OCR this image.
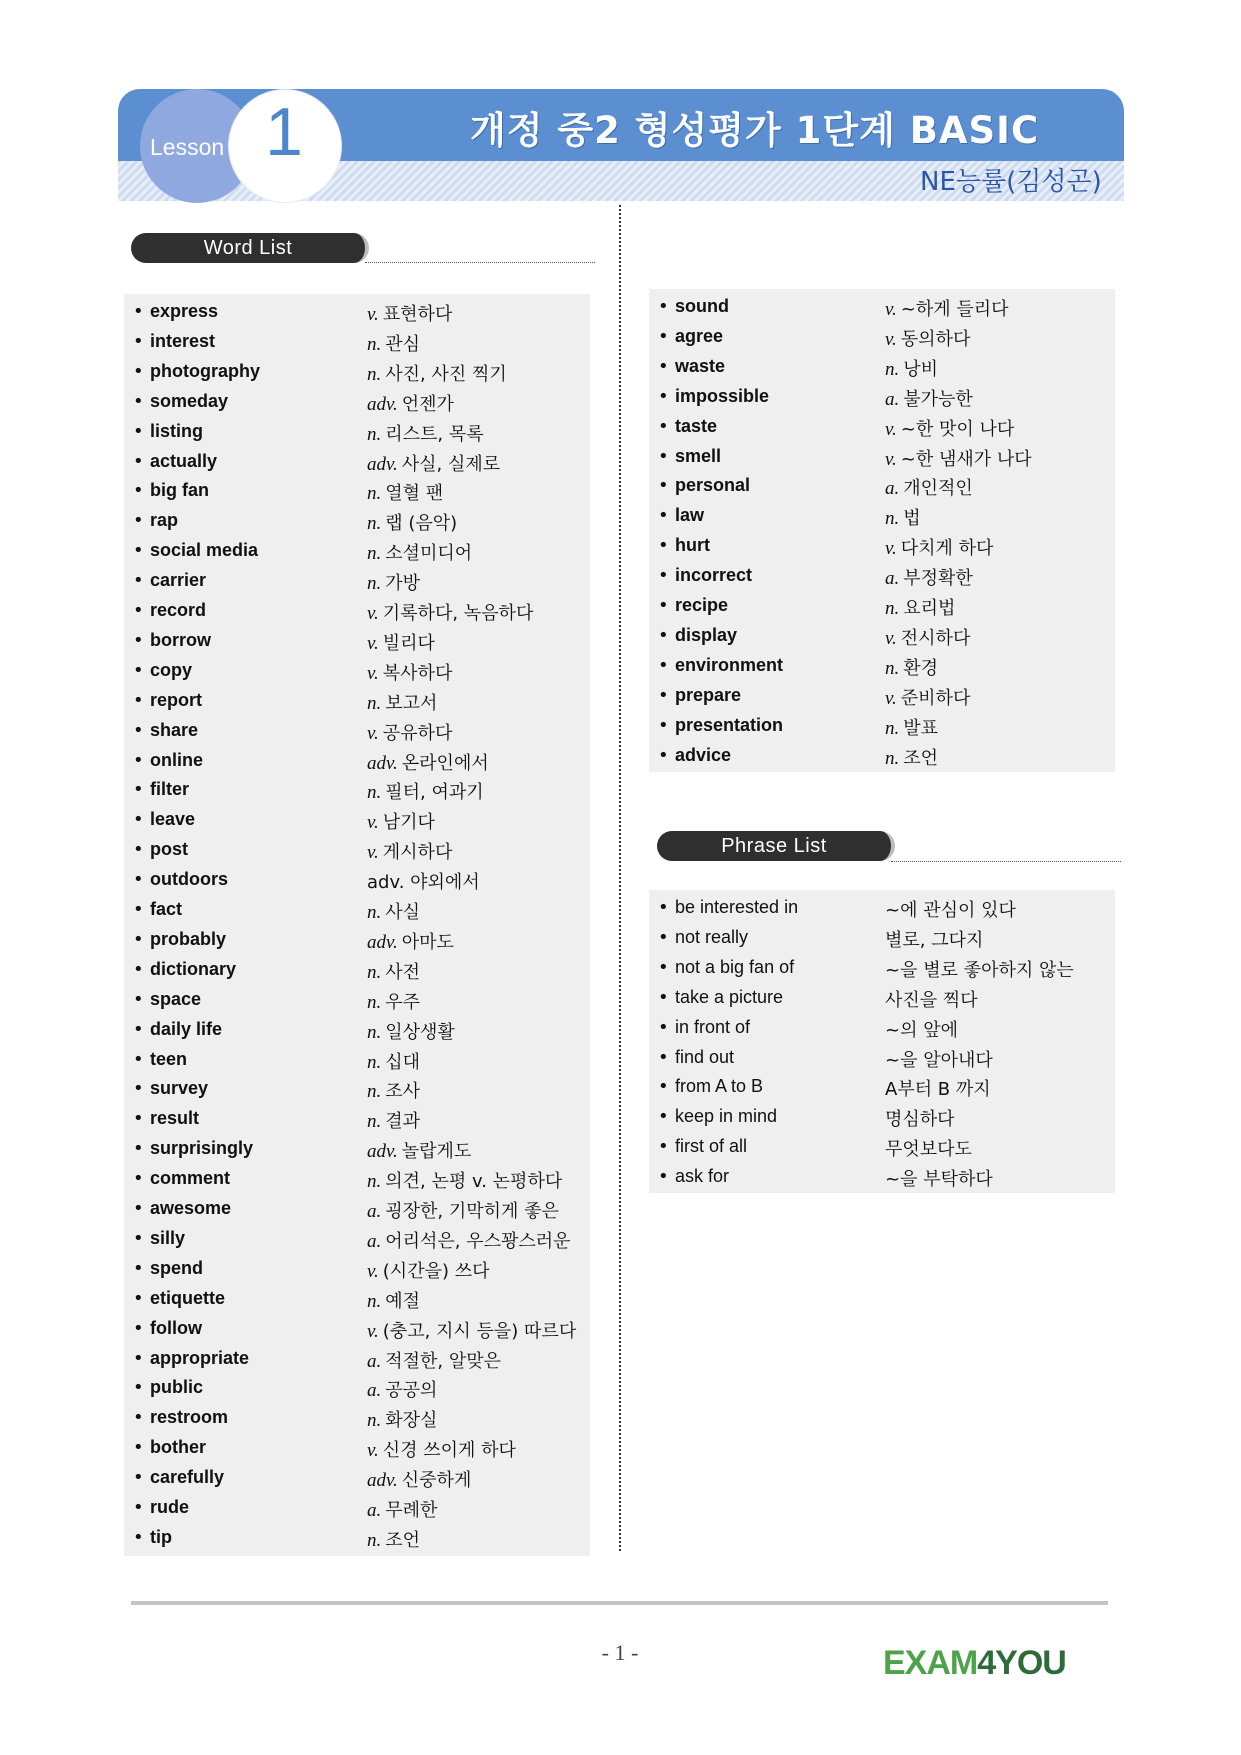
Lesson 1	개정 중2 형성평가 1단계 BASIC
NE능률(김성곤)
Word List
Phrase List
• express	v. 표현하다
• interest	n. 관심
• photography	n. 사진, 사진 찍기
• someday	adv. 언젠가
• listing	n. 리스트, 목록
• actually	adv. 사실, 실제로
• big fan	n. 열혈 팬
• rap	n. 랩 (음악)
• social media	n. 소셜미디어
• carrier	n. 가방
• record	v. 기록하다, 녹음하다
• borrow	v. 빌리다
• copy	v. 복사하다
• report	n. 보고서
• share	v. 공유하다
• online	adv. 온라인에서
• filter	n. 필터, 여과기
• leave	v. 남기다
• post	v. 게시하다
• outdoors	adv. 야외에서
• fact	n. 사실
• probably	adv. 아마도
• dictionary	n. 사전
• space	n. 우주
• daily life	n. 일상생활
• teen	n. 십대
• survey	n. 조사
• result	n. 결과
• surprisingly	adv. 놀랍게도
• comment	n. 의견, 논평 v. 논평하다
• awesome	a. 굉장한, 기막히게 좋은
• silly	a. 어리석은, 우스꽝스러운
• spend	v. (시간을) 쓰다
• etiquette	n. 예절
• follow	v. (충고, 지시 등을) 따르다
• appropriate	a. 적절한, 알맞은
• public	a. 공공의
• restroom	n. 화장실
• bother	v. 신경 쓰이게 하다
• carefully	adv. 신중하게
• rude	a. 무례한
• tip	n. 조언
• sound	v. ~하게 들리다
• agree	v. 동의하다
• waste	n. 낭비
• impossible	a. 불가능한
• taste	v. ~한 맛이 나다
• smell	v. ~한 냄새가 나다
• personal	a. 개인적인
• law	n. 법
• hurt	v. 다치게 하다
• incorrect	a. 부정확한
• recipe	n. 요리법
• display	v. 전시하다
• environment	n. 환경
• prepare	v. 준비하다
• presentation	n. 발표
• advice	n. 조언
• be interested in	~에 관심이 있다
• not really	별로, 그다지
• not a big fan of	~을 별로 좋아하지 않는
• take a picture	사진을 찍다
• in front of	~의 앞에
• find out	~을 알아내다
• from A to B	A부터 B 까지
• keep in mind	명심하다
• first of all	무엇보다도
• ask for	~을 부탁하다
- 1 -	EXAM4YOU
